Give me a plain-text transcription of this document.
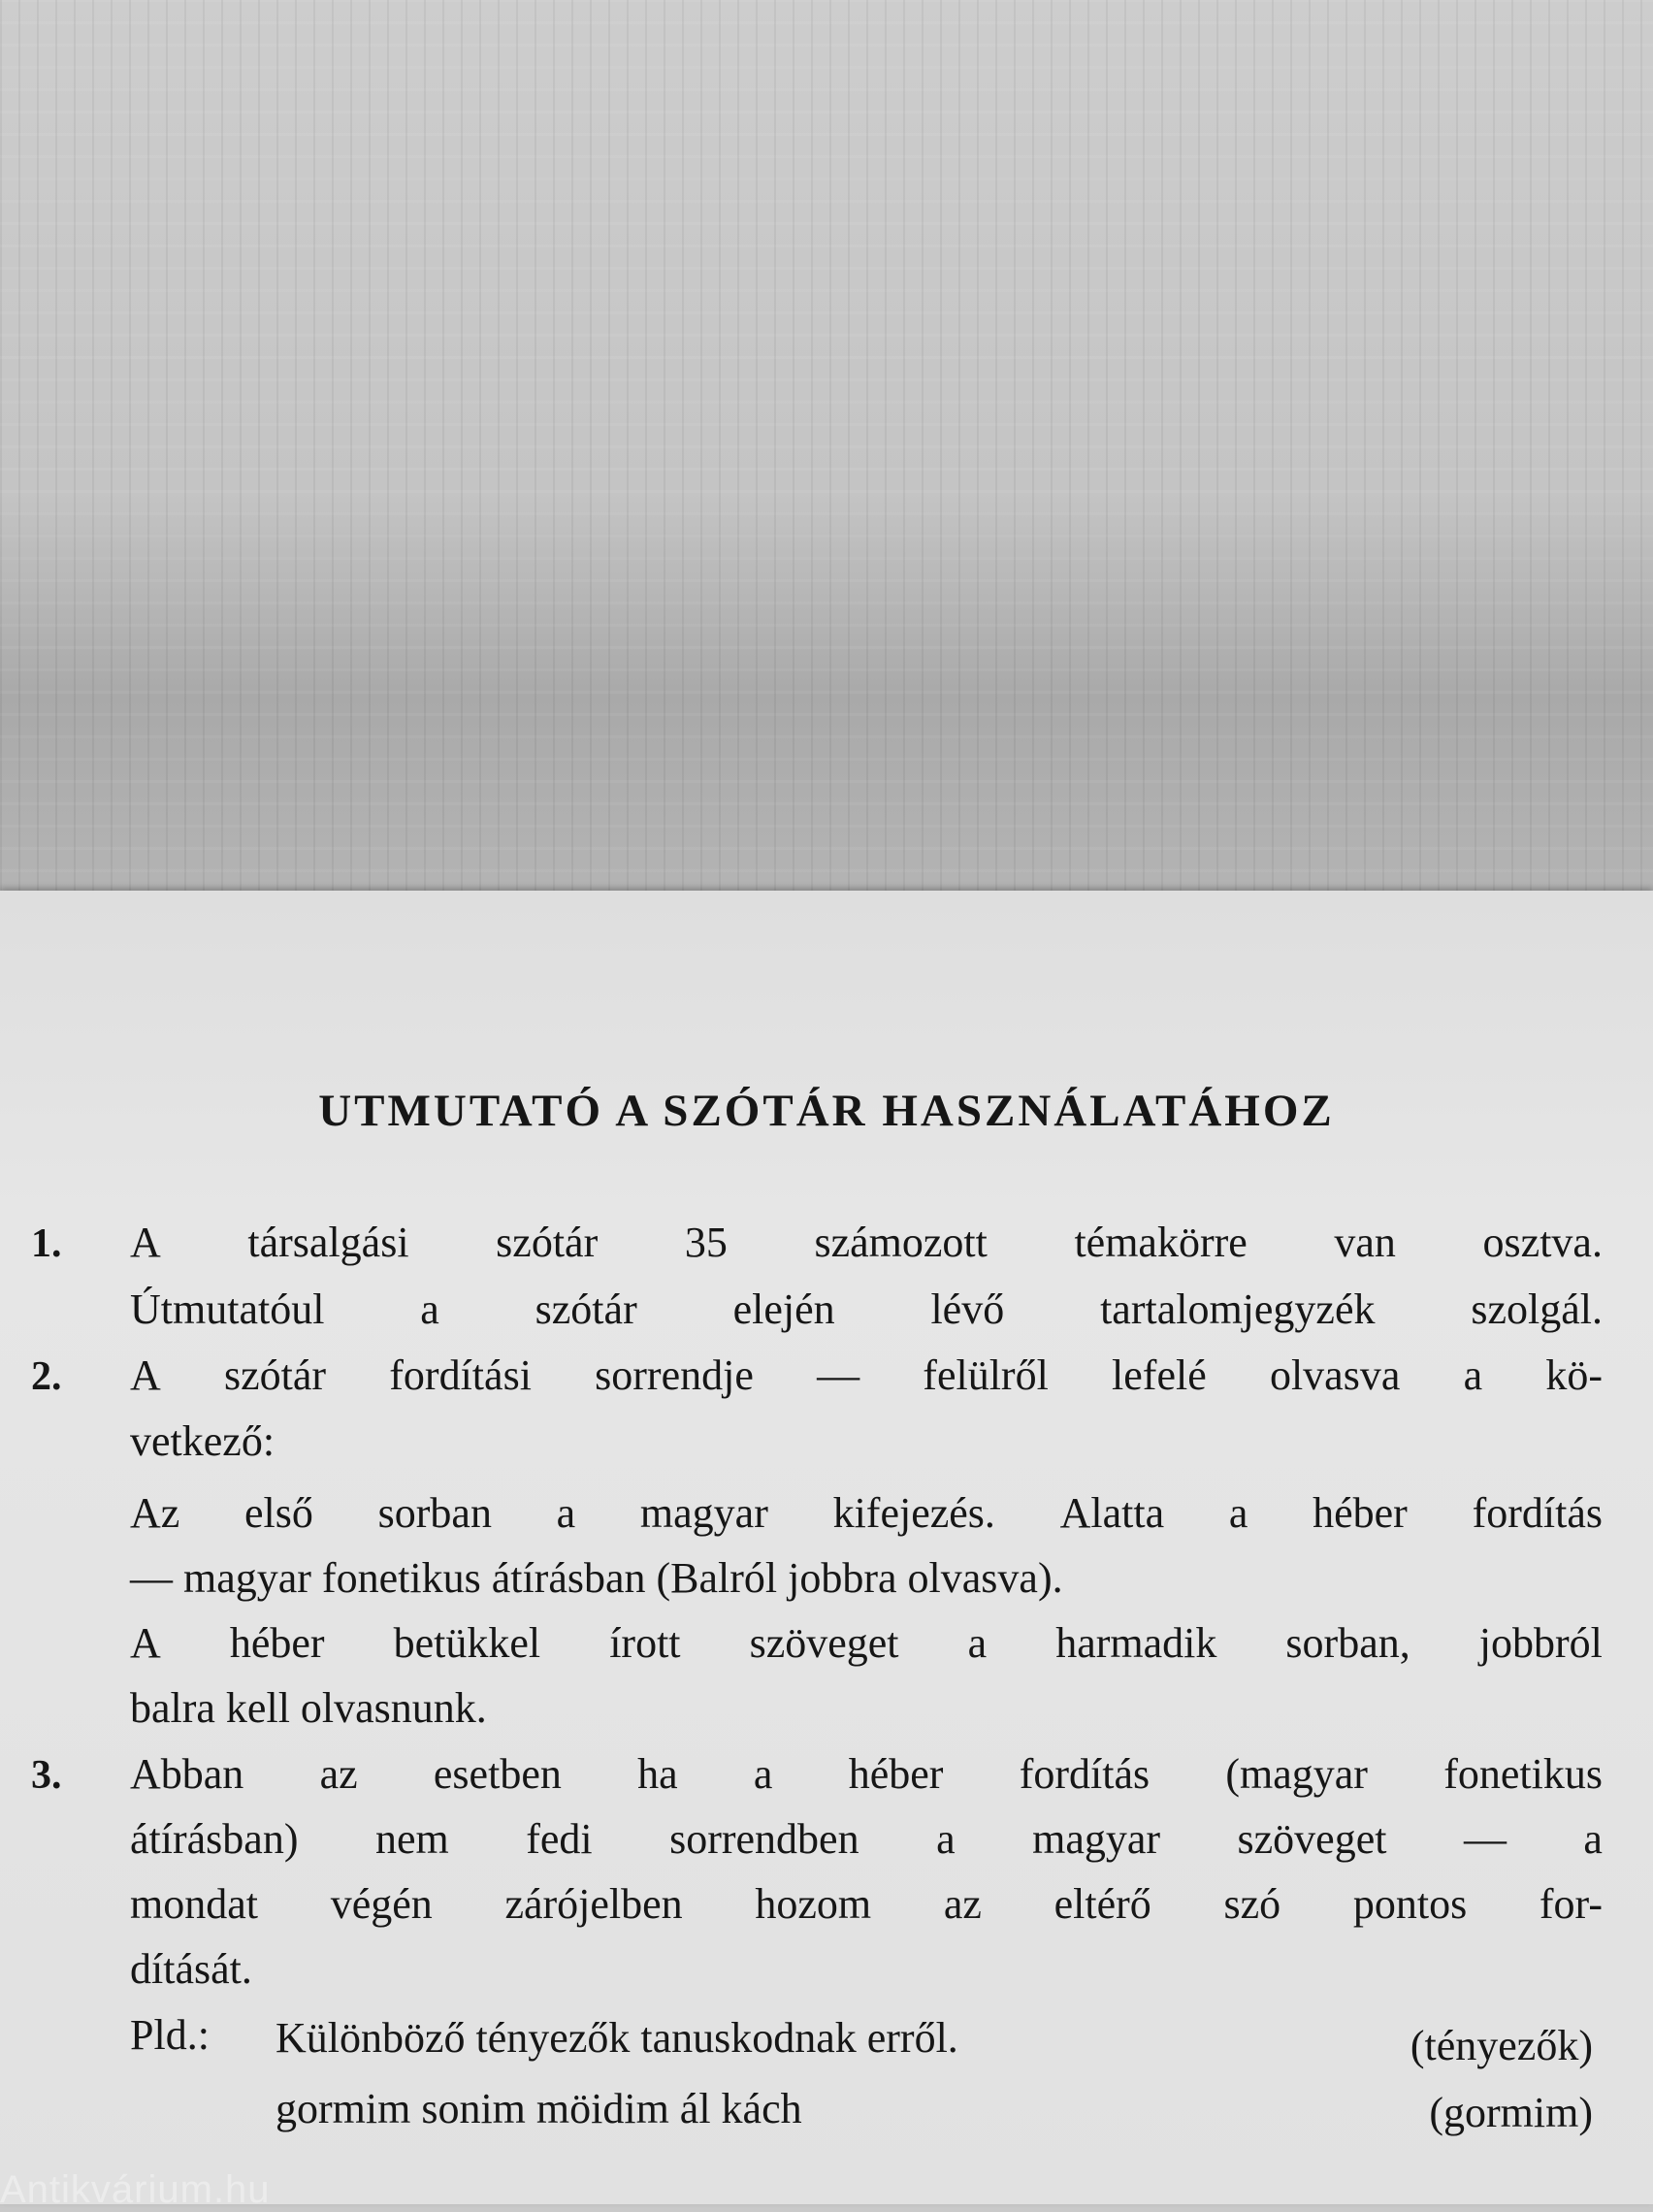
UTMUTATÓ A SZÓTÁR HASZNÁLATÁHOZ
1. A társalgási szótár 35 számozott témakörre van osztva.
Útmutatóul a szótár elején lévő tartalomjegyzék szolgál.
2. A szótár fordítási sorrendje — felülről lefelé olvasva a kö-
vetkező:
Az első sorban a magyar kifejezés. Alatta a héber fordítás
— magyar fonetikus átírásban (Balról jobbra olvasva).
A héber betükkel írott szöveget a harmadik sorban, jobbról
balra kell olvasnunk.
3. Abban az esetben ha a héber fordítás (magyar fonetikus
átírásban) nem fedi sorrendben a magyar szöveget — a
mondat végén zárójelben hozom az eltérő szó pontos for-
dítását.
Pld.: Különböző tényezők tanuskodnak erről.	(tényezők)
gormim sonim möidim ál kách	(gormim)
Antikvárium.hu
